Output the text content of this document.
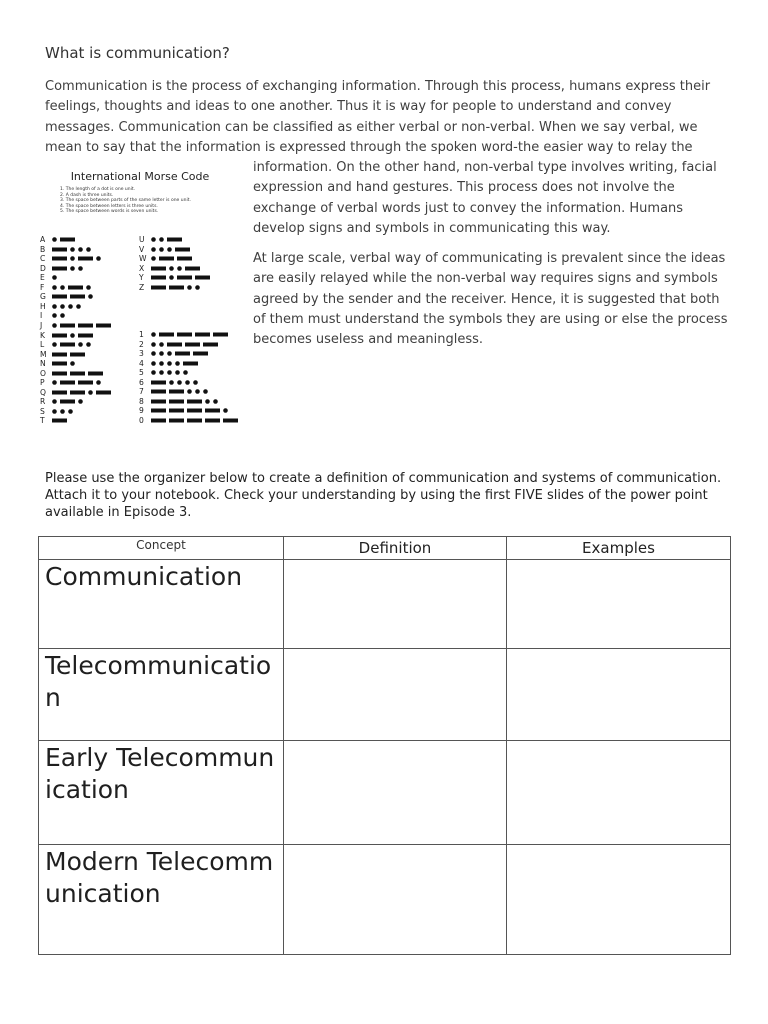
What is communication?
Communication is the process of exchanging information. Through this process, humans express their feelings, thoughts and ideas to one another. Thus it is way for people to understand and convey messages. Communication can be classified as either verbal or non-verbal. When we say verbal, we mean to say that the information is expressed through the spoken word-the easier way to relay the
information. On the other hand, non-verbal type involves writing, facial expression and hand gestures. This process does not involve the exchange of verbal words just to convey the information. Humans develop signs and symbols in communicating this way.
At large scale, verbal way of communicating is prevalent since the ideas are easily relayed while the non-verbal way requires signs and symbols agreed by the sender and the receiver. Hence, it is suggested that both of them must understand the symbols they are using or else the process becomes useless and meaningless.
International Morse Code
1. The length of a dot is one unit.
2. A dash is three units.
3. The space between parts of the same letter is one unit.
4. The space between letters is three units.
5. The space between words is seven units.
A
B
C
D
E
F
G
H
I
J
K
L
M
N
O
P
Q
R
S
T
U
V
W
X
Y
Z
1
2
3
4
5
6
7
8
9
0
Please use the organizer below to create a definition of communication and systems of communication. Attach it to your notebook. Check your understanding by using the first FIVE slides of the power point available in Episode 3.
Concept	Definition	Examples
Communication		
Telecommunication		
Early Telecommunication		
Modern Telecommunication		
